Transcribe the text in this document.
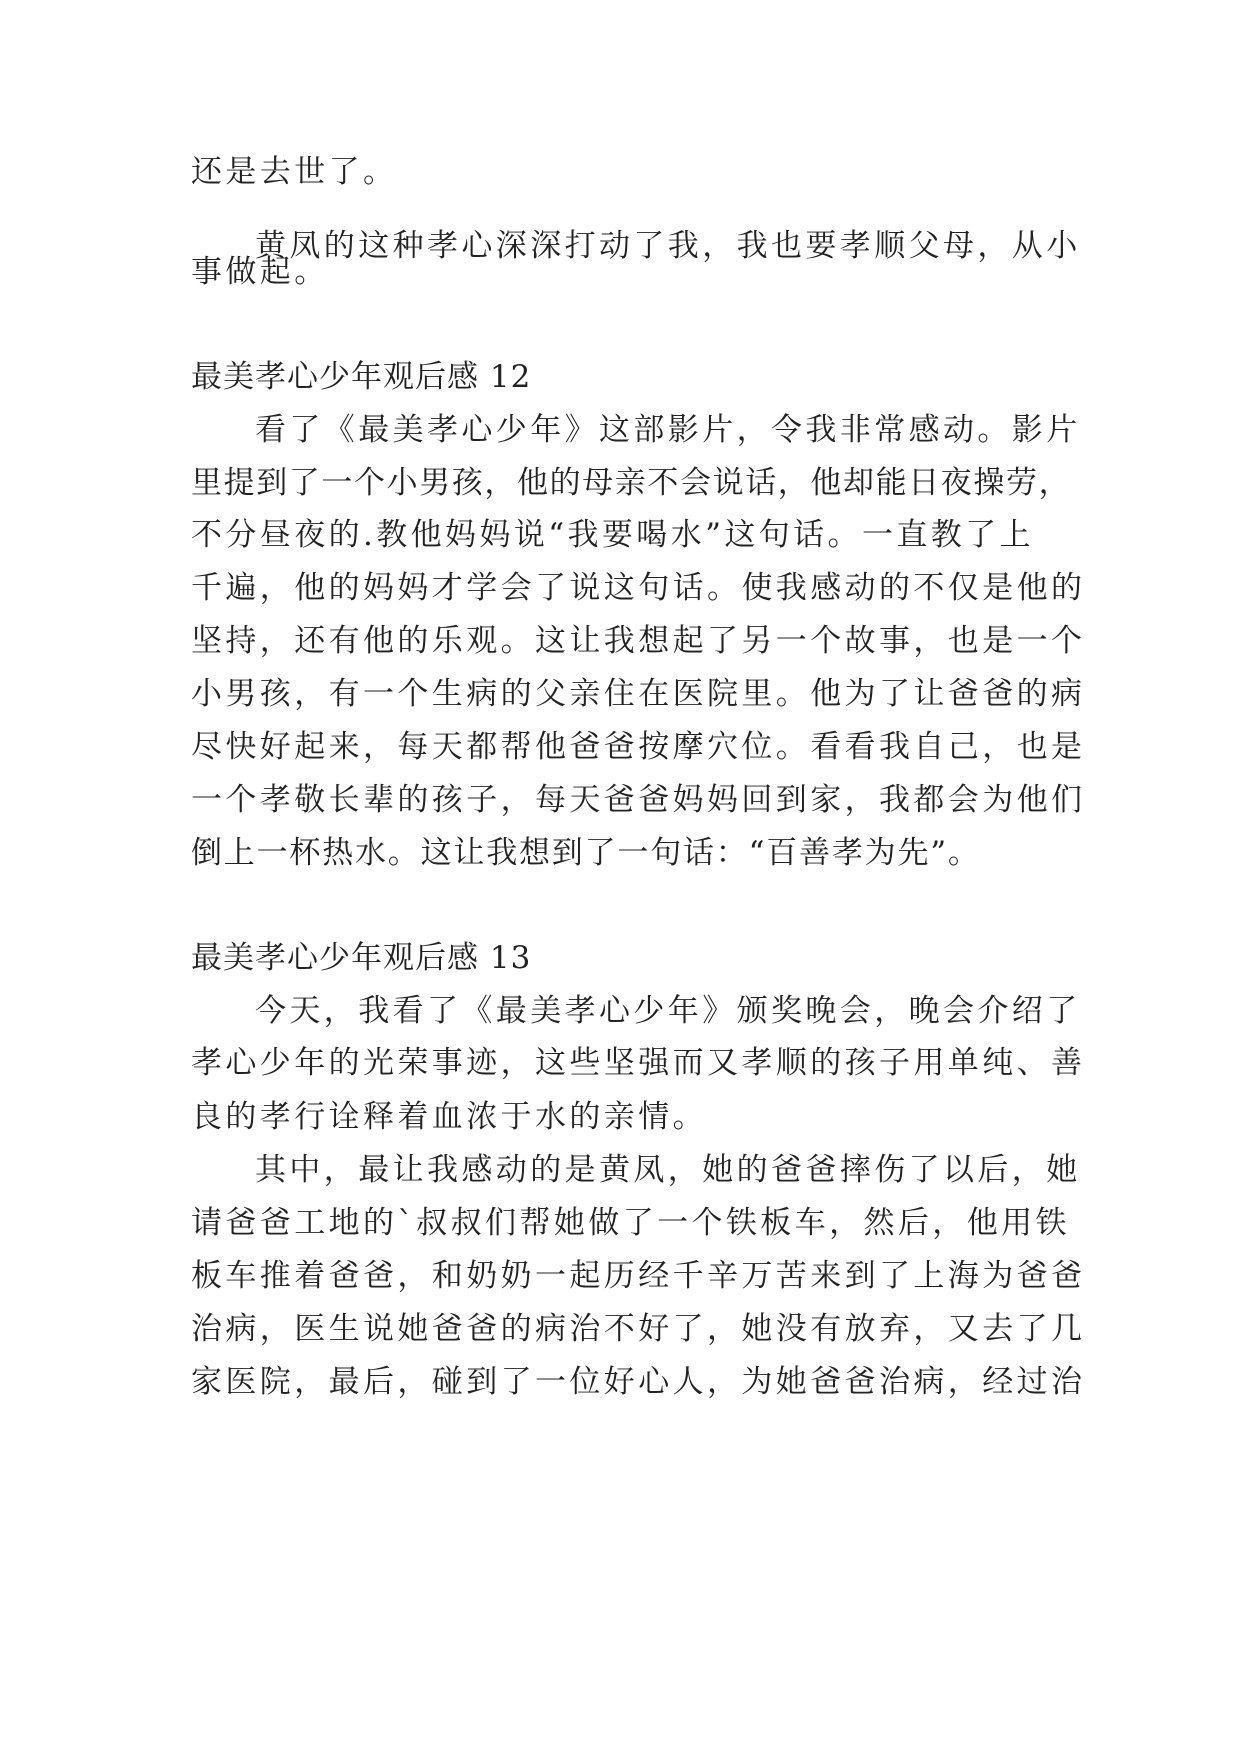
还是去世了。
黄凤的这种孝心深深打动了我，我也要孝顺父母，从小
事做起。
最美孝心少年观后感 12
看了《最美孝心少年》这部影片，令我非常感动。影片
里提到了一个小男孩，他的母亲不会说话，他却能日夜操劳，
不分昼夜的.教他妈妈说“我要喝水”这句话。一直教了上
千遍，他的妈妈才学会了说这句话。使我感动的不仅是他的
坚持，还有他的乐观。这让我想起了另一个故事，也是一个
小男孩，有一个生病的父亲住在医院里。他为了让爸爸的病
尽快好起来，每天都帮他爸爸按摩穴位。看看我自己，也是
一个孝敬长辈的孩子，每天爸爸妈妈回到家，我都会为他们
倒上一杯热水。这让我想到了一句话：“百善孝为先”。
最美孝心少年观后感 13
今天，我看了《最美孝心少年》颁奖晚会，晚会介绍了
孝心少年的光荣事迹，这些坚强而又孝顺的孩子用单纯、善
良的孝行诠释着血浓于水的亲情。
其中，最让我感动的是黄凤，她的爸爸摔伤了以后，她
请爸爸工地的`叔叔们帮她做了一个铁板车，然后，他用铁
板车推着爸爸，和奶奶一起历经千辛万苦来到了上海为爸爸
治病，医生说她爸爸的病治不好了，她没有放弃，又去了几
家医院，最后，碰到了一位好心人，为她爸爸治病，经过治
